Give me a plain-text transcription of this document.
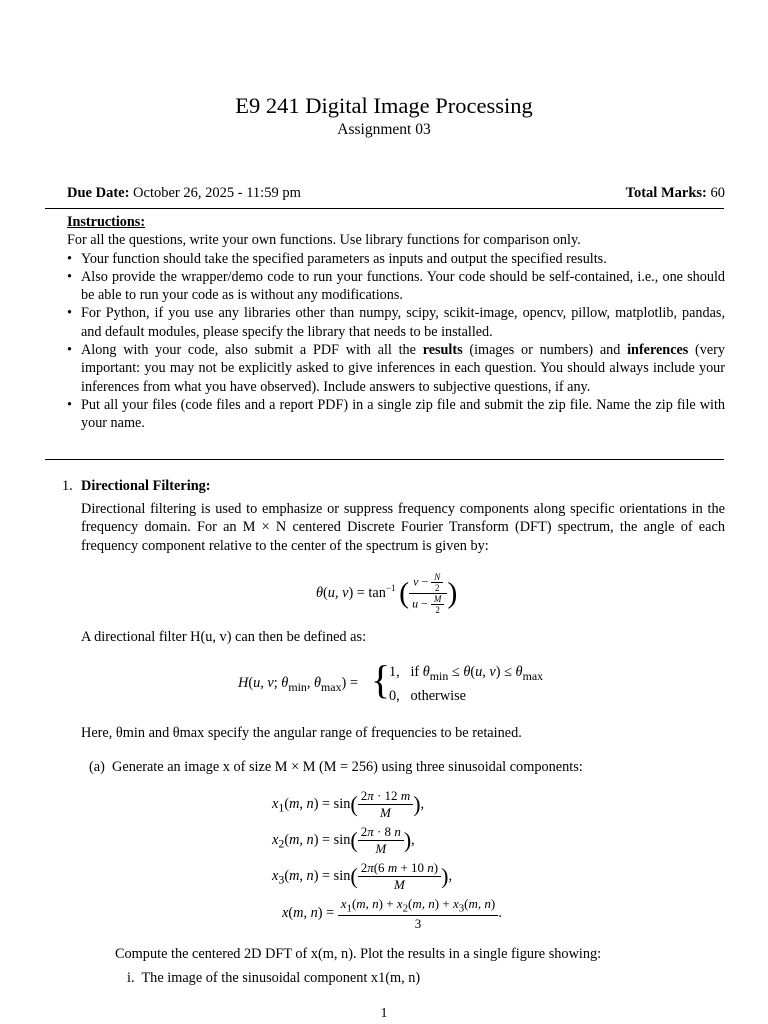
E9 241 Digital Image Processing
Assignment 03
Due Date: October 26, 2025 - 11:59 pm	Total Marks: 60
Instructions:
For all the questions, write your own functions. Use library functions for comparison only.
• Your function should take the specified parameters as inputs and output the specified results.
• Also provide the wrapper/demo code to run your functions. Your code should be self-contained, i.e., one should be able to run your code as is without any modifications.
• For Python, if you use any libraries other than numpy, scipy, scikit-image, opencv, pillow, matplotlib, pandas, and default modules, please specify the library that needs to be installed.
• Along with your code, also submit a PDF with all the results (images or numbers) and inferences (very important: you may not be explicitly asked to give inferences in each question. You should always include your inferences from what you have observed). Include answers to subjective questions, if any.
• Put all your files (code files and a report PDF) in a single zip file and submit the zip file. Name the zip file with your name.
1. Directional Filtering:
Directional filtering is used to emphasize or suppress frequency components along specific orientations in the frequency domain. For an M × N centered Discrete Fourier Transform (DFT) spectrum, the angle of each frequency component relative to the center of the spectrum is given by:
θ(u, $v) = \tan^{-1}$ ( $\frac{v - \frac{N}{2}}{u - \frac{M}{2}}$ )
A directional filter H(u, v) can then be defined as:
H(u, v; $\theta_{min}$, $\theta_{max}$) = {
1,   if $\theta_{min} \le \theta(u$, $v) \le \theta_{max}$
0,   otherwise
Here, θmin and θmax specify the angular range of frequencies to be retained.
(a) Generate an image x of size M × M (M = 256) using three sinusoidal components:
$x_1(m$, $n) = \sin( \frac{2\pi \cdot 12 m}{M}$ ),
$x_2(m$, $n) = \sin( \frac{2\pi \cdot 8 n}{M}$ ),
$x_3(m$, $n) = \sin( \frac{2\pi(6 m + 10 n)}{M}$ ),
x(m, $n) = \frac{x_1(m, n) + x_2(m, n) + x_3(m, n)}{3}$ .
Compute the centered 2D DFT of x(m, n). Plot the results in a single figure showing:
i. The image of the sinusoidal component x1(m, n)
1
